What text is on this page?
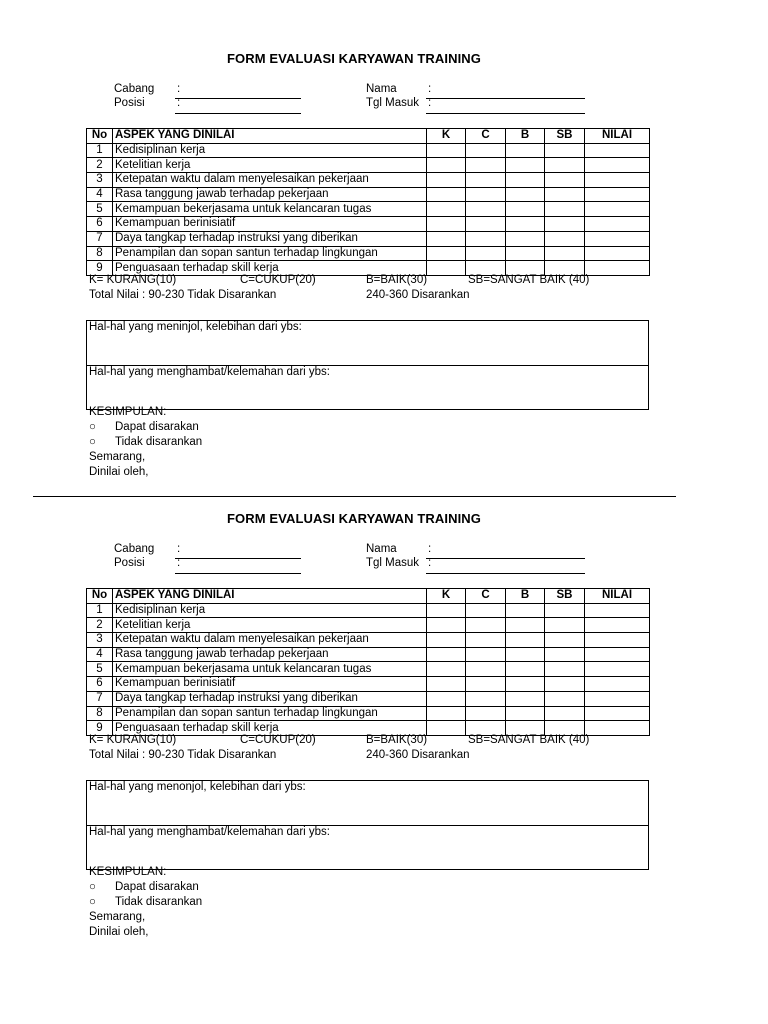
FORM EVALUASI KARYAWAN TRAINING
Cabang :
Posisi	:
Nama	:
Tgl Masuk :
No	ASPEK YANG DINILAI	K	C	B	SB	NILAI
1	Kedisiplinan kerja					
2	Ketelitian kerja					
3	Ketepatan waktu dalam menyelesaikan pekerjaan					
4	Rasa tanggung jawab terhadap pekerjaan					
5	Kemampuan bekerjasama untuk kelancaran tugas					
6	Kemampuan berinisiatif					
7	Daya tangkap terhadap instruksi yang diberikan					
8	Penampilan dan sopan santun terhadap lingkungan					
9	Penguasaan terhadap skill kerja					
K= KURANG(10)	C=CUKUP(20)	B=BAIK(30)	SB=SANGAT BAIK (40)
Total Nilai : 90-230 Tidak Disarankan	240-360 Disarankan
Hal-hal yang meninjol, kelebihan dari ybs:
Hal-hal yang menghambat/kelemahan dari ybs:
KESIMPULAN:
○ Dapat disarakan
○ Tidak disarankan
Semarang,
Dinilai oleh,
FORM EVALUASI KARYAWAN TRAINING
Cabang :
Posisi	:
Nama	:
Tgl Masuk :
No	ASPEK YANG DINILAI	K	C	B	SB	NILAI
1	Kedisiplinan kerja					
2	Ketelitian kerja					
3	Ketepatan waktu dalam menyelesaikan pekerjaan					
4	Rasa tanggung jawab terhadap pekerjaan					
5	Kemampuan bekerjasama untuk kelancaran tugas					
6	Kemampuan berinisiatif					
7	Daya tangkap terhadap instruksi yang diberikan					
8	Penampilan dan sopan santun terhadap lingkungan					
9	Penguasaan terhadap skill kerja					
K= KURANG(10)	C=CUKUP(20)	B=BAIK(30)	SB=SANGAT BAIK (40)
Total Nilai : 90-230 Tidak Disarankan	240-360 Disarankan
Hal-hal yang menonjol, kelebihan dari ybs:
Hal-hal yang menghambat/kelemahan dari ybs:
KESIMPULAN:
○ Dapat disarakan
○ Tidak disarankan
Semarang,
Dinilai oleh,
